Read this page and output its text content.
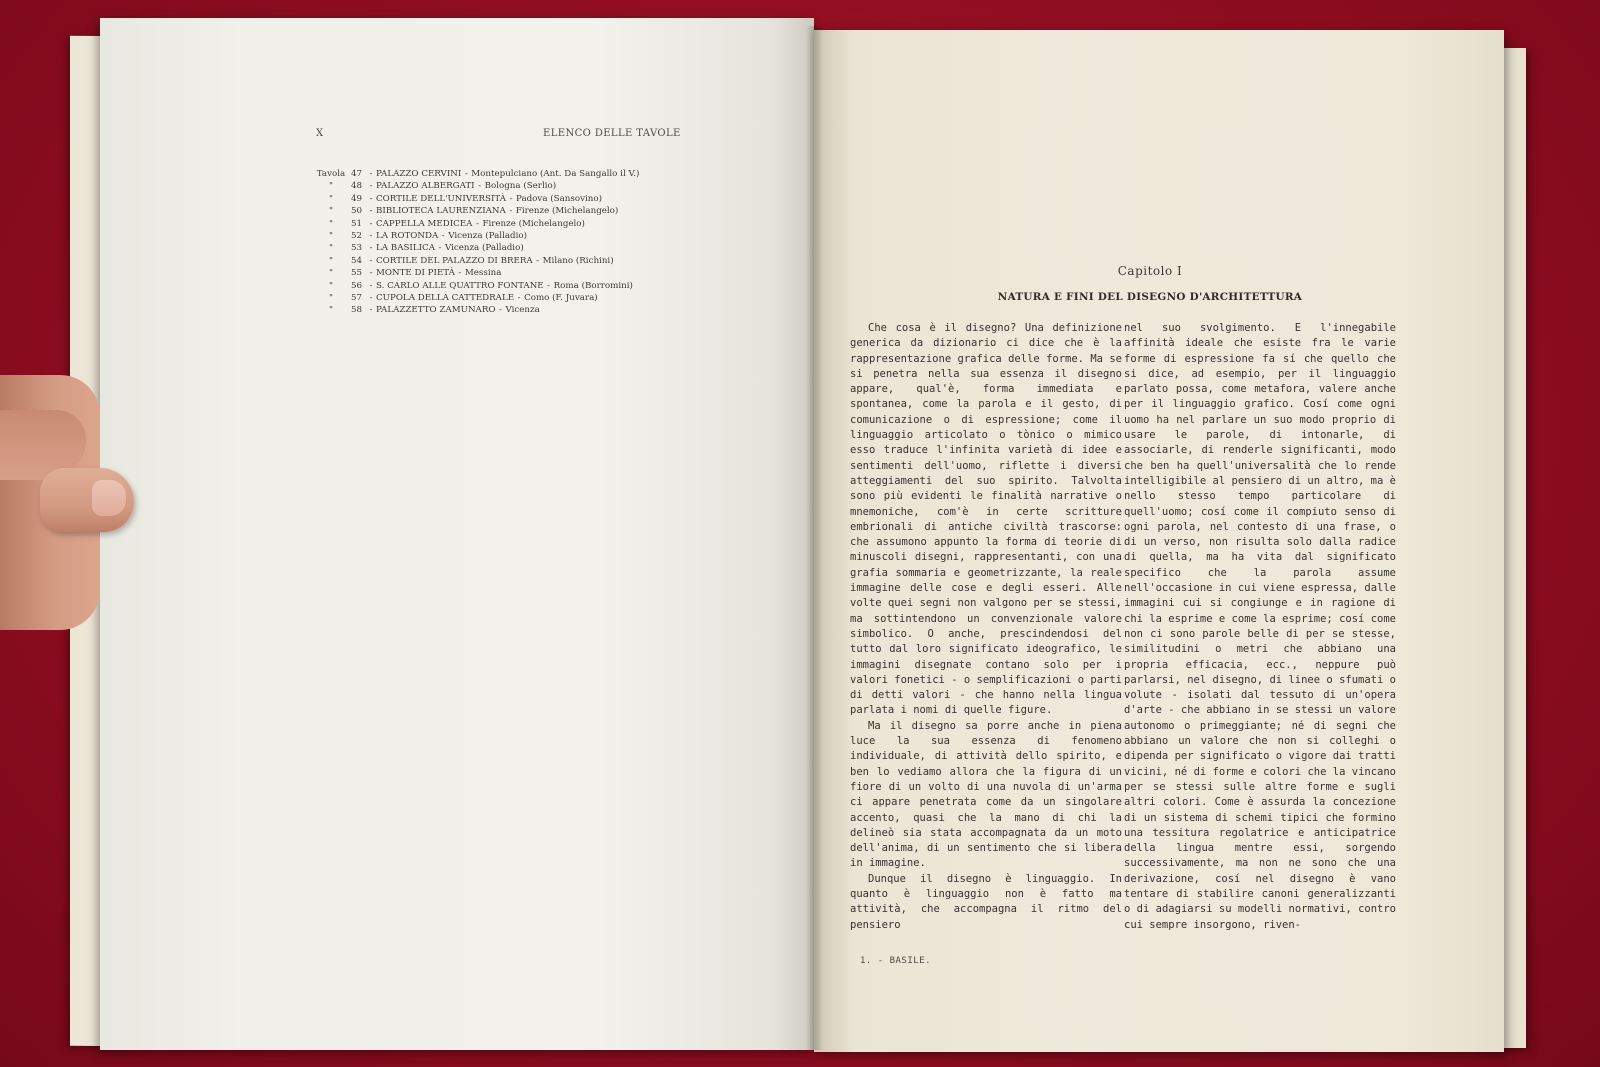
X	ELENCO DELLE TAVOLE
Tavola 47 - PALAZZO CERVINI - Montepulciano (Ant. Da Sangallo il V.)
"	48 - PALAZZO ALBERGATI - Bologna (Serlio)
"	49 - CORTILE DELL'UNIVERSITÀ - Padova (Sansovino)
"	50 - BIBLIOTECA LAURENZIANA - Firenze (Michelangelo)
"	51 - CAPPELLA MEDICEA - Firenze (Michelangelo)
"	52 - LA ROTONDA - Vicenza (Palladio)
"	53 - LA BASILICA - Vicenza (Palladio)
"	54 - CORTILE DEL PALAZZO DI BRERA - Milano (Richini)
"	55 - MONTE DI PIETÀ - Messina
"	56 - S. CARLO ALLE QUATTRO FONTANE - Roma (Borromini)
"	57 - CUPOLA DELLA CATTEDRALE - Como (F. Juvara)
"	58 - PALAZZETTO ZAMUNARO - Vicenza
Capitolo I
NATURA E FINI DEL DISEGNO D'ARCHITETTURA

Che cosa è il disegno? Una definizione generica da dizionario ci dice che è la rappresentazione grafica delle forme. Ma se si penetra nella sua essenza il disegno appare, qual'è, forma immediata e spontanea, come la parola e il gesto, di comunicazione o di espressione; come il linguaggio articolato o tònico o mimico esso traduce l'infinita varietà di idee e sentimenti dell'uomo, riflette i diversi atteggiamenti del suo spirito. Talvolta sono più evidenti le finalità narrative o mnemoniche, com'è in certe scritture embrionali di antiche civiltà trascorse: che assumono appunto la forma di teorie di minuscoli disegni, rappresentanti, con una grafia sommaria e geometrizzante, la reale immagine delle cose e degli esseri. Alle volte quei segni non valgono per se stessi, ma sottintendono un convenzionale valore simbolico. O anche, prescindendosi del tutto dal loro significato ideografico, le immagini disegnate contano solo per i valori fonetici - o semplificazioni o parti di detti valori - che hanno nella lingua parlata i nomi di quelle figure.

Ma il disegno sa porre anche in piena luce la sua essenza di fenomeno individuale, di attività dello spirito, e ben lo vediamo allora che la figura di un fiore di un volto di una nuvola di un'arma ci appare penetrata come da un singolare accento, quasi che la mano di chi la delineò sia stata accompagnata da un moto dell'anima, di un sentimento che si libera in immagine.

Dunque il disegno è linguaggio. In quanto è linguaggio non è fatto ma attività, che accompagna il ritmo del pensiero

nel suo svolgimento. E l'innegabile affinità ideale che esiste fra le varie forme di espressione fa sí che quello che si dice, ad esempio, per il linguaggio parlato possa, come metafora, valere anche per il linguaggio grafico. Cosí come ogni uomo ha nel parlare un suo modo proprio di usare le parole, di intonarle, di associarle, di renderle significanti, modo che ben ha quell'universalità che lo rende intelligibile al pensiero di un altro, ma è nello stesso tempo particolare di quell'uomo; cosí come il compiuto senso di ogni parola, nel contesto di una frase, o di un verso, non risulta solo dalla radice di quella, ma ha vita dal significato specifico che la parola assume nell'occasione in cui viene espressa, dalle immagini cui si congiunge e in ragione di chi la esprime e come la esprime; cosí come non ci sono parole belle di per se stesse, similitudini o metri che abbiano una propria efficacia, ecc., neppure può parlarsi, nel disegno, di linee o sfumati o volute - isolati dal tessuto di un'opera d'arte - che abbiano in se stessi un valore autonomo o primeggiante; né di segni che abbiano un valore che non si colleghi o dipenda per significato o vigore dai tratti vicini, né di forme e colori che la vincano per se stessi sulle altre forme e sugli altri colori. Come è assurda la concezione di un sistema di schemi tipici che formino una tessitura regolatrice e anticipatrice della lingua mentre essi, sorgendo successivamente, ma non ne sono che una derivazione, cosí nel disegno è vano tentare di stabilire canoni generalizzanti o di adagiarsi su modelli normativi, contro cui sempre insorgono, riven-

1. - BASILE.
